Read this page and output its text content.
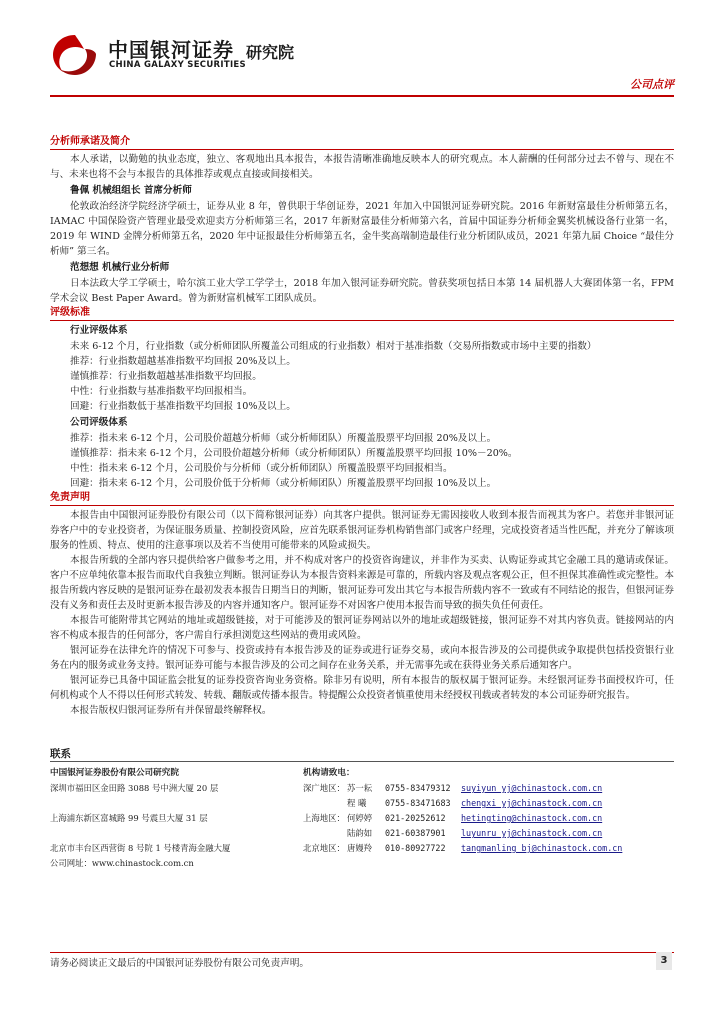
中国银河证券
CHINA GALAXY SECURITIES
研究院
公司点评
分析师承诺及简介

本人承诺，以勤勉的执业态度，独立、客观地出具本报告，本报告清晰准确地反映本人的研究观点。本人薪酬的任何部分过去不曾与、现在不与、未来也将不会与本报告的具体推荐或观点直接或间接相关。

鲁佩 机械组组长 首席分析师

伦敦政治经济学院经济学硕士，证券从业 8 年，曾供职于华创证券，2021 年加入中国银河证券研究院。2016 年新财富最佳分析师第五名，IAMAC 中国保险资产管理业最受欢迎卖方分析师第三名，2017 年新财富最佳分析师第六名，首届中国证券分析师金翼奖机械设备行业第一名，2019 年 WIND 金牌分析师第五名，2020 年中证报最佳分析师第五名，金牛奖高端制造最佳行业分析团队成员，2021 年第九届 Choice “最佳分析师” 第三名。

范想想 机械行业分析师

日本法政大学工学硕士，哈尔滨工业大学工学学士，2018 年加入银河证券研究院。曾获奖项包括日本第 14 届机器人大赛团体第一名，FPM 学术会议 Best Paper Award。曾为新财富机械军工团队成员。

评级标准
行业评级体系

未来 6-12 个月，行业指数（或分析师团队所覆盖公司组成的行业指数）相对于基准指数（交易所指数或市场中主要的指数）

推荐：行业指数超越基准指数平均回报 20%及以上。
谨慎推荐：行业指数超越基准指数平均回报。
中性：行业指数与基准指数平均回报相当。
回避：行业指数低于基准指数平均回报 10%及以上。
公司评级体系
推荐：指未来 6-12 个月，公司股价超越分析师（或分析师团队）所覆盖股票平均回报 20%及以上。
谨慎推荐：指未来 6-12 个月，公司股价超越分析师（或分析师团队）所覆盖股票平均回报 10%－20%。
中性：指未来 6-12 个月，公司股价与分析师（或分析师团队）所覆盖股票平均回报相当。
回避：指未来 6-12 个月，公司股价低于分析师（或分析师团队）所覆盖股票平均回报 10%及以上。
免责声明

本报告由中国银河证券股份有限公司（以下简称银河证券）向其客户提供。银河证券无需因接收人收到本报告而视其为客户。若您并非银河证券客户中的专业投资者，为保证服务质量、控制投资风险，应首先联系银河证券机构销售部门或客户经理，完成投资者适当性匹配，并充分了解该项服务的性质、特点、使用的注意事项以及若不当使用可能带来的风险或损失。

本报告所载的全部内容只提供给客户做参考之用，并不构成对客户的投资咨询建议，并非作为买卖、认购证券或其它金融工具的邀请或保证。客户不应单纯依靠本报告而取代自我独立判断。银河证券认为本报告资料来源是可靠的，所载内容及观点客观公正，但不担保其准确性或完整性。本报告所载内容反映的是银河证券在最初发表本报告日期当日的判断，银河证券可发出其它与本报告所载内容不一致或有不同结论的报告，但银河证券没有义务和责任去及时更新本报告涉及的内容并通知客户。银河证券不对因客户使用本报告而导致的损失负任何责任。

本报告可能附带其它网站的地址或超级链接，对于可能涉及的银河证券网站以外的地址或超级链接，银河证券不对其内容负责。链接网站的内容不构成本报告的任何部分，客户需自行承担浏览这些网站的费用或风险。

银河证券在法律允许的情况下可参与、投资或持有本报告涉及的证券或进行证券交易，或向本报告涉及的公司提供或争取提供包括投资银行业务在内的服务或业务支持。银河证券可能与本报告涉及的公司之间存在业务关系，并无需事先或在获得业务关系后通知客户。

银河证券已具备中国证监会批复的证券投资咨询业务资格。除非另有说明，所有本报告的版权属于银河证券。未经银河证券书面授权许可，任何机构或个人不得以任何形式转发、转载、翻版或传播本报告。特提醒公众投资者慎重使用未经授权刊载或者转发的本公司证券研究报告。

本报告版权归银河证券所有并保留最终解释权。

联系
中国银河证券股份有限公司研究院
深圳市福田区金田路 3088 号中洲大厦 20 层
上海浦东新区富城路 99 号震旦大厦 31 层
北京市丰台区西营街 8 号院 1 号楼青海金融大厦
公司网址：www.chinastock.com.cn
机构请致电：
深广地区： 苏一耘 0755-83479312 suyiyun_yj@chinastock.com.cn
程 曦 0755-83471683 chengxi_yj@chinastock.com.cn
上海地区： 何婷婷 021-20252612 hetingting@chinastock.com.cn
陆韵如 021-60387901 luyunru_yj@chinastock.com.cn
北京地区： 唐嫚羚 010-80927722 tangmanling_bj@chinastock.com.cn
请务必阅读正文最后的中国银河证券股份有限公司免责声明。	3
